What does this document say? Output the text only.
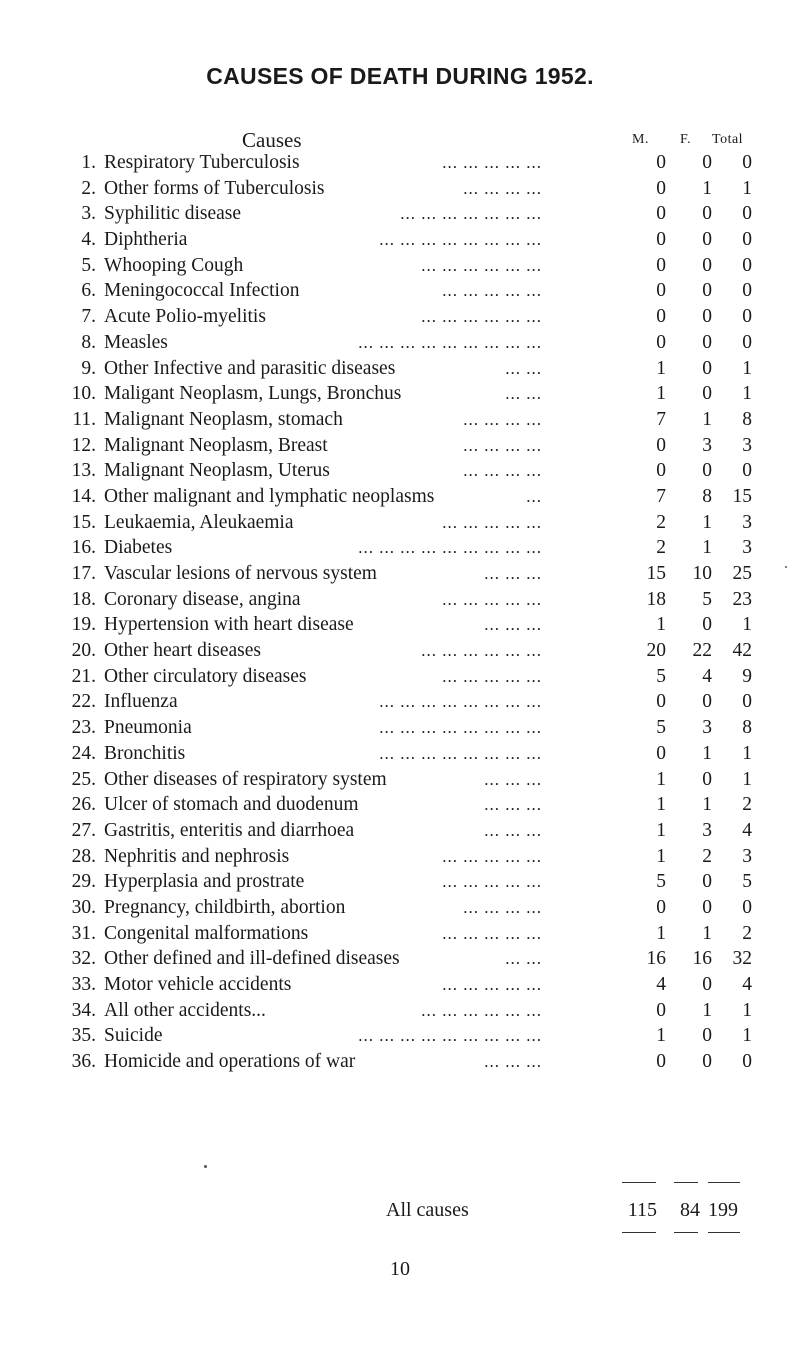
CAUSES OF DEATH DURING 1952.
Causes	M. F. Total
1. Respiratory Tuberculosis	... ... ... ... ...	0	0	0
2. Other forms of Tuberculosis	... ... ... ...	0	1	1
3. Syphilitic disease	... ... ... ... ... ... ...	0	0	0
4. Diphtheria	... ... ... ... ... ... ... ...	0	0	0
5. Whooping Cough	... ... ... ... ... ...	0	0	0
6. Meningococcal Infection	... ... ... ... ...	0	0	0
7. Acute Polio-myelitis	... ... ... ... ... ...	0	0	0
8. Measles	... ... ... ... ... ... ... ... ...	0	0	0
9. Other Infective and parasitic diseases	... ...	1	0	1
10. Maligant Neoplasm, Lungs, Bronchus	... ...	1	0	1
11. Malignant Neoplasm, stomach	... ... ... ...	7	1	8
12. Malignant Neoplasm, Breast	... ... ... ...	0	3	3
13. Malignant Neoplasm, Uterus	... ... ... ...	0	0	0
14. Other malignant and lymphatic neoplasms	...	7	8	15
15. Leukaemia, Aleukaemia	... ... ... ... ...	2	1	3
16. Diabetes	... ... ... ... ... ... ... ... ...	2	1	3
17. Vascular lesions of nervous system	... ... ...	15	10	25
18. Coronary disease, angina	... ... ... ... ...	18	5	23
19. Hypertension with heart disease	... ... ...	1	0	1
20. Other heart diseases	... ... ... ... ... ...	20	22	42
21. Other circulatory diseases	... ... ... ... ...	5	4	9
22. Influenza	... ... ... ... ... ... ... ...	0	0	0
23. Pneumonia	... ... ... ... ... ... ... ...	5	3	8
24. Bronchitis	... ... ... ... ... ... ... ...	0	1	1
25. Other diseases of respiratory system	... ... ...	1	0	1
26. Ulcer of stomach and duodenum	... ... ...	1	1	2
27. Gastritis, enteritis and diarrhoea	... ... ...	1	3	4
28. Nephritis and nephrosis	... ... ... ... ...	1	2	3
29. Hyperplasia and prostrate	... ... ... ... ...	5	0	5
30. Pregnancy, childbirth, abortion	... ... ... ...	0	0	0
31. Congenital malformations	... ... ... ... ...	1	1	2
32. Other defined and ill-defined diseases	... ...	16	16	32
33. Motor vehicle accidents	... ... ... ... ...	4	0	4
34. All other accidents...	... ... ... ... ... ...	0	1	1
35. Suicide	... ... ... ... ... ... ... ... ...	1	0	1
36. Homicide and operations of war	... ... ...	0	0	0
All causes	115	84 199
10
